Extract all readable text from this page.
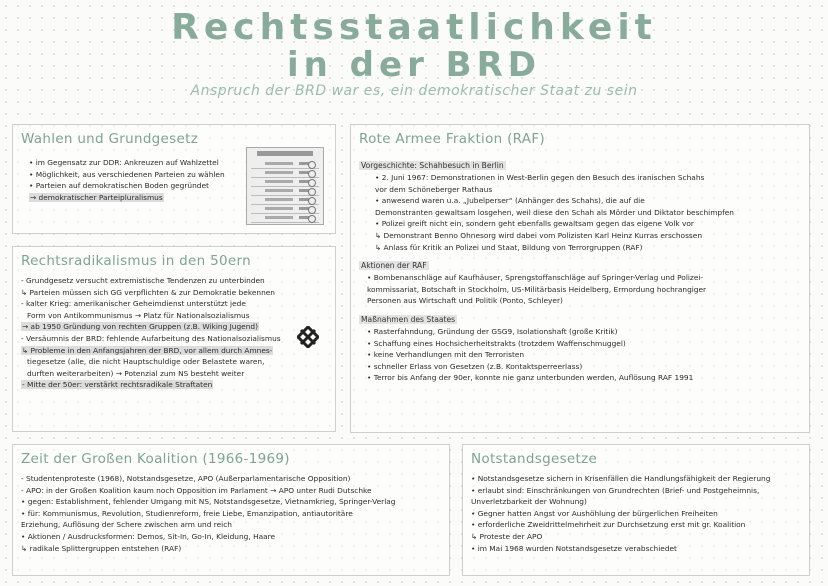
Rechtsstaatlichkeit
in der BRD
Anspruch der BRD war es, ein demokratischer Staat zu sein
Wahlen und Grundgesetz
• im Gegensatz zur DDR: Ankreuzen auf Wahlzettel
• Möglichkeit, aus verschiedenen Parteien zu wählen
• Parteien auf demokratischen Boden gegründet
→ demokratischer Parteipluralismus
Rechtsradikalismus in den 50ern
- Grundgesetz versucht extremistische Tendenzen zu unterbinden
↳ Parteien müssen sich GG verpflichten & zur Demokratie bekennen
- kalter Krieg: amerikanischer Geheimdienst unterstützt jede
Form von Antikommunismus → Platz für Nationalsozialismus
→ ab 1950 Gründung von rechten Gruppen (z.B. Wiking Jugend)
- Versäumnis der BRD: fehlende Aufarbeitung des Nationalsozialismus
↳ Probleme in den Anfangsjahren der BRD, vor allem durch Amnes-
tiegesetze (alle, die nicht Hauptschuldige oder Belastete waren,
durften weiterarbeiten) → Potenzial zum NS besteht weiter
- Mitte der 50er: verstärkt rechtsradikale Straftaten
Rote Armee Fraktion (RAF)
Vorgeschichte: Schahbesuch in Berlin
• 2. Juni 1967: Demonstrationen in West-Berlin gegen den Besuch des iranischen Schahs
vor dem Schöneberger Rathaus
• anwesend waren u.a. „Jubelperser“ (Anhänger des Schahs), die auf die
Demonstranten gewaltsam losgehen, weil diese den Schah als Mörder und Diktator beschimpfen
• Polizei greift nicht ein, sondern geht ebenfalls gewaltsam gegen das eigene Volk vor
↳ Demonstrant Benno Ohnesorg wird dabei vom Polizisten Karl Heinz Kurras erschossen
↳ Anlass für Kritik an Polizei und Staat, Bildung von Terrorgruppen (RAF)
Aktionen der RAF
• Bombenanschläge auf Kaufhäuser, Sprengstoffanschläge auf Springer-Verlag und Polizei-
kommissariat, Botschaft in Stockholm, US-Militärbasis Heidelberg, Ermordung hochrangiger
Personen aus Wirtschaft und Politik (Ponto, Schleyer)
Maßnahmen des Staates
• Rasterfahndung, Gründung der GSG9, Isolationshaft (große Kritik)
• Schaffung eines Hochsicherheitstrakts (trotzdem Waffenschmuggel)
• keine Verhandlungen mit den Terroristen
• schneller Erlass von Gesetzen (z.B. Kontaktsperreerlass)
• Terror bis Anfang der 90er, konnte nie ganz unterbunden werden, Auflösung RAF 1991
Zeit der Großen Koalition (1966-1969)
- Studentenproteste (1968), Notstandsgesetze, APO (Außerparlamentarische Opposition)
- APO: in der Großen Koalition kaum noch Opposition im Parlament → APO unter Rudi Dutschke
• gegen: Establishment, fehlender Umgang mit NS, Notstandsgesetze, Vietnamkrieg, Springer-Verlag
• für: Kommunismus, Revolution, Studienreform, freie Liebe, Emanzipation, antiautoritäre
Erziehung, Auflösung der Schere zwischen arm und reich
• Aktionen / Ausdrucksformen: Demos, Sit-In, Go-In, Kleidung, Haare
↳ radikale Splittergruppen entstehen (RAF)
Notstandsgesetze
• Notstandsgesetze sichern in Krisenfällen die Handlungsfähigkeit der Regierung
• erlaubt sind: Einschränkungen von Grundrechten (Brief- und Postgeheimnis,
Unverletzbarkeit der Wohnung)
• Gegner hatten Angst vor Aushöhlung der bürgerlichen Freiheiten
• erforderliche Zweidrittelmehrheit zur Durchsetzung erst mit gr. Koalition
↳ Proteste der APO
• im Mai 1968 wurden Notstandsgesetze verabschiedet
